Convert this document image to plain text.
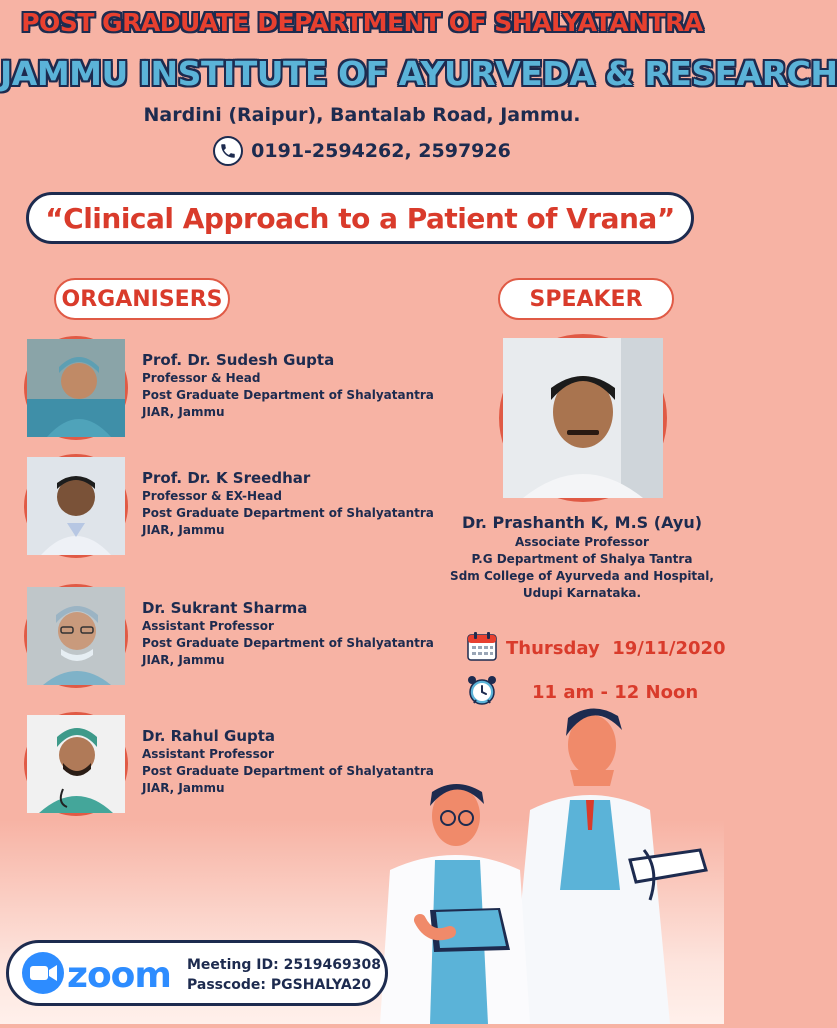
POST GRADUATE DEPARTMENT OF SHALYATANTRA
JAMMU INSTITUTE OF AYURVEDA & RESEARCH

Nardini (Raipur), Bantalab Road, Jammu.

0191-2594262, 2597926
“Clinical Approach to a Patient of Vrana”
ORGANISERS	SPEAKER
Prof. Dr. Sudesh Gupta
Professor & Head
Post Graduate Department of Shalyatantra
JIAR, Jammu
Prof. Dr. K Sreedhar
Professor & EX-Head
Post Graduate Department of Shalyatantra
JIAR, Jammu
Dr. Sukrant Sharma
Assistant Professor
Post Graduate Department of Shalyatantra
JIAR, Jammu
Dr. Rahul Gupta
Assistant Professor
Post Graduate Department of Shalyatantra
JIAR, Jammu
Dr. Prashanth K, M.S (Ayu)
Associate Professor
P.G Department of Shalya Tantra
Sdm College of Ayurveda and Hospital,
Udupi Karnataka.
Thursday  19/11/2020
11 am - 12 Noon
zoom Meeting ID: 2519469308
Passcode: PGSHALYA20
